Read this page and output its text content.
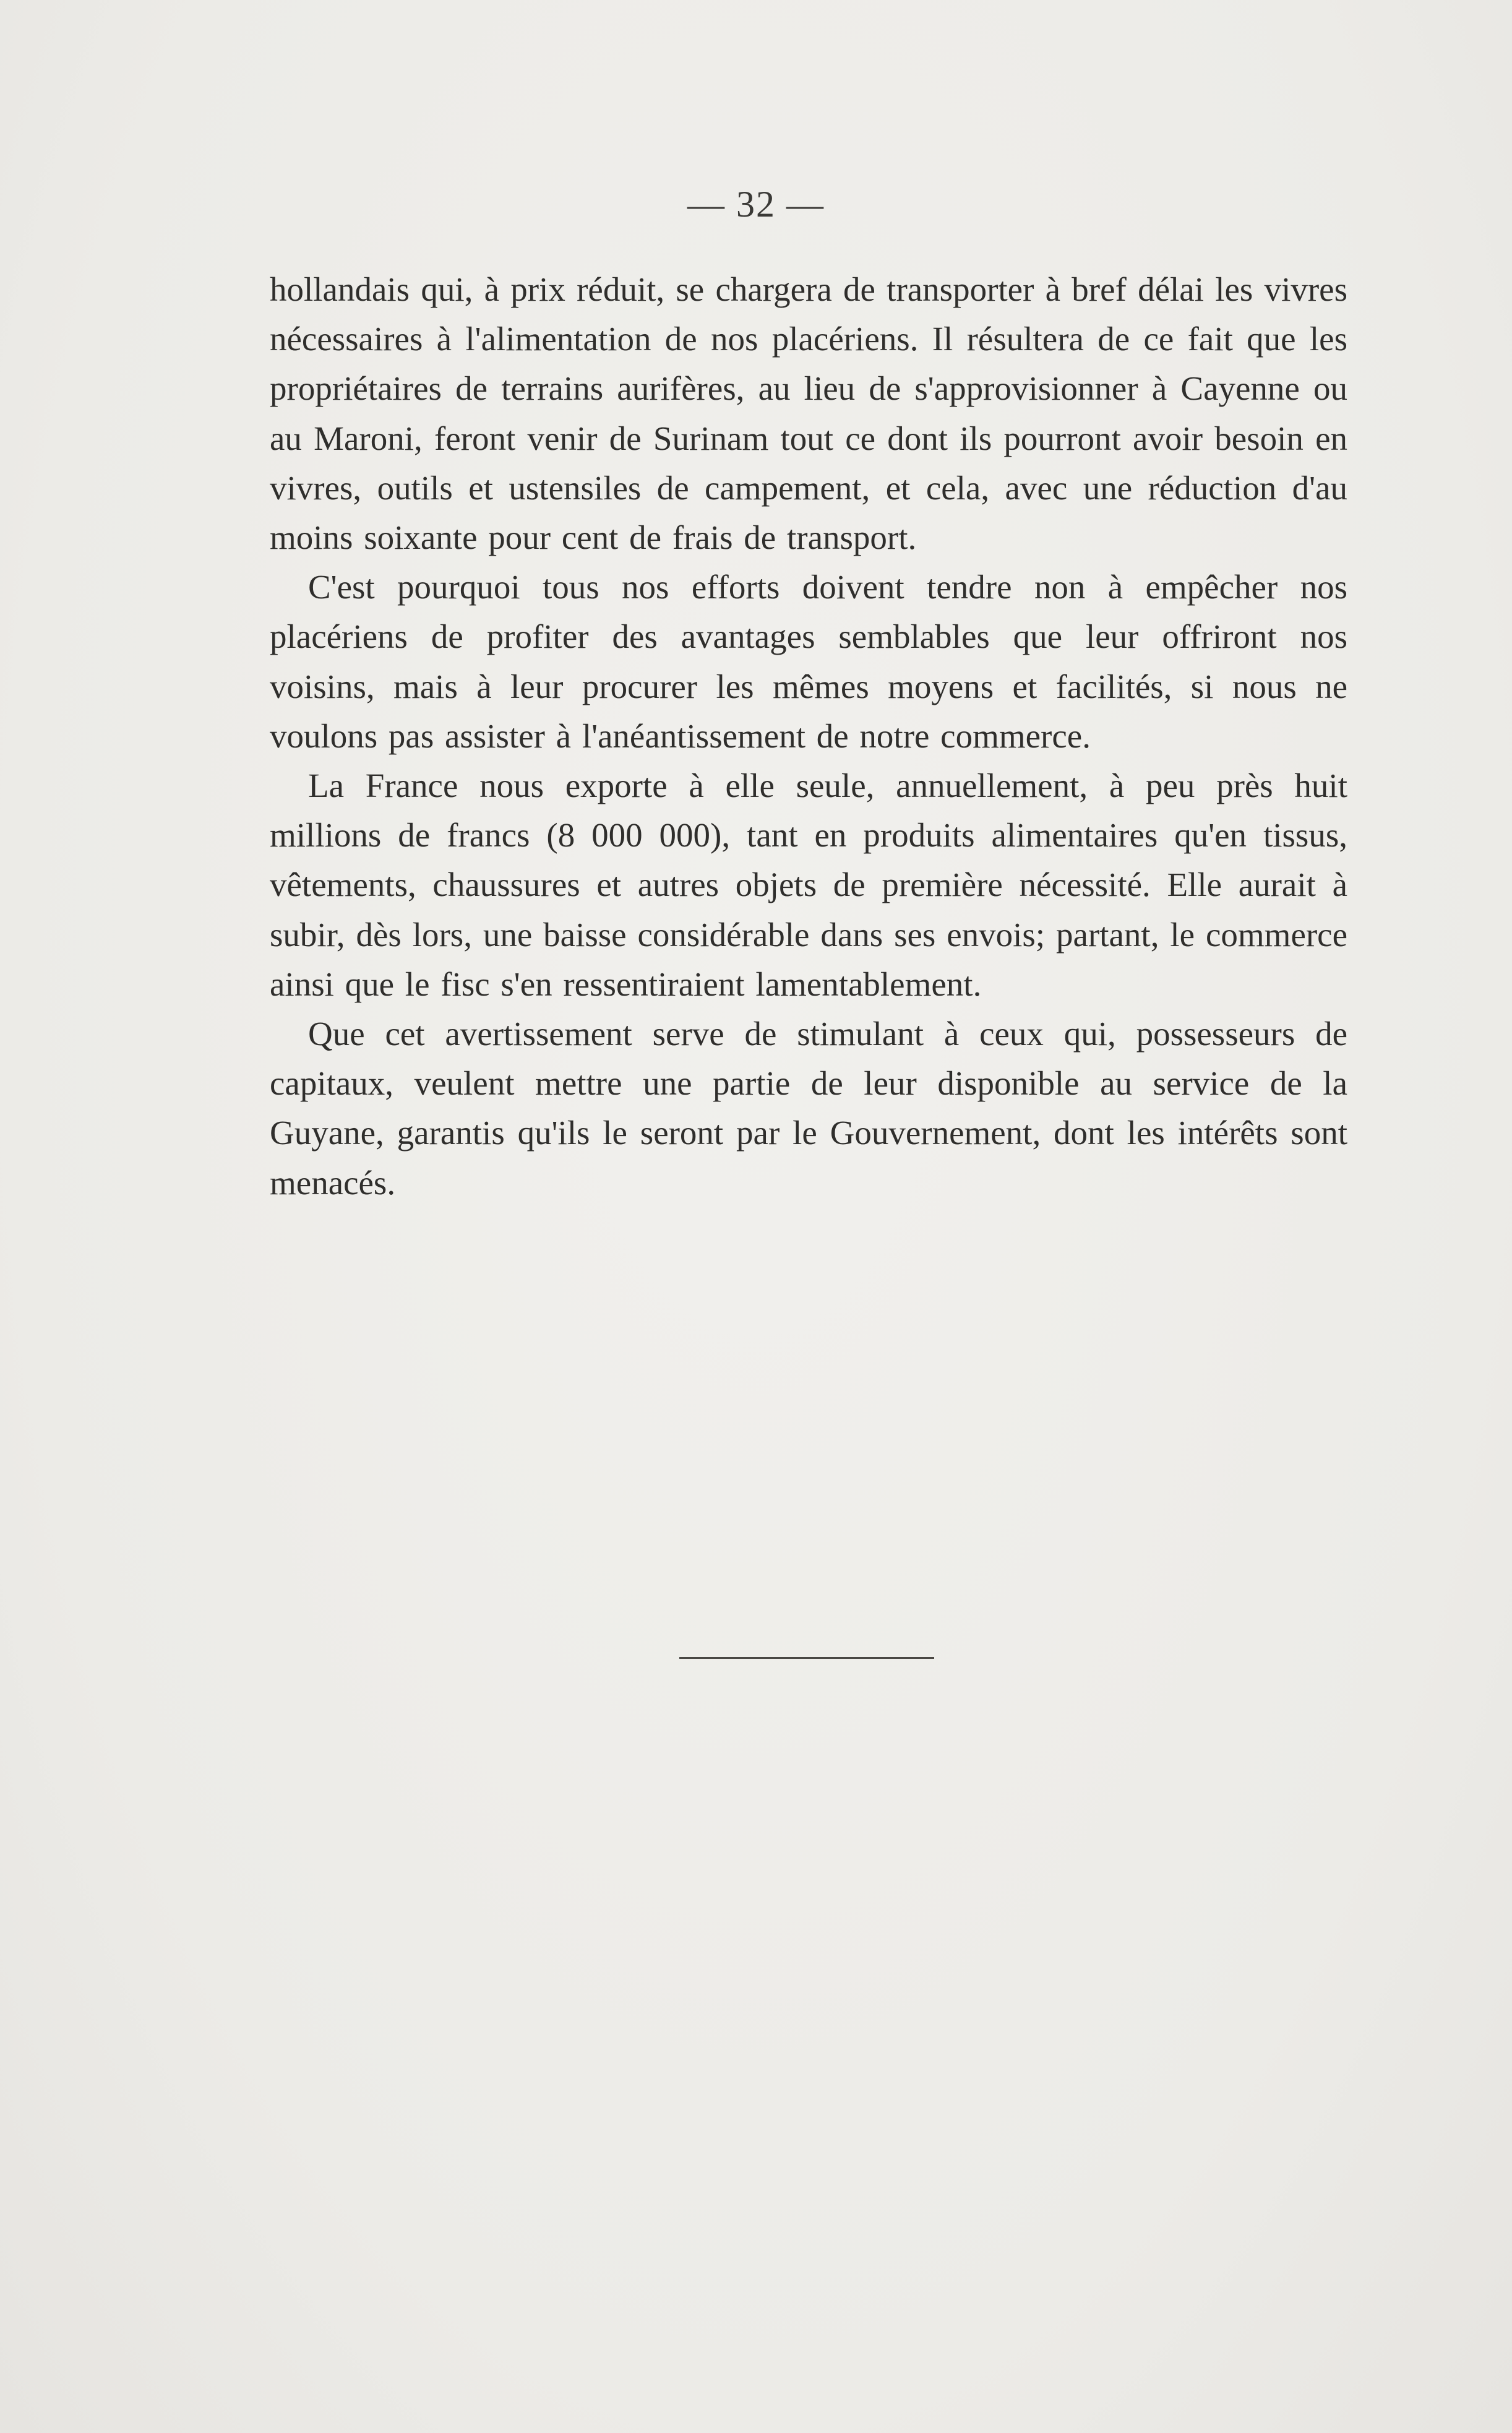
— 32 —

hollandais qui, à prix réduit, se chargera de transporter à bref délai les vivres nécessaires à l'alimentation de nos placériens. Il résultera de ce fait que les propriétaires de terrains aurifères, au lieu de s'approvisionner à Cayenne ou au Maroni, feront venir de Surinam tout ce dont ils pourront avoir besoin en vivres, outils et ustensiles de campement, et cela, avec une réduction d'au moins soixante pour cent de frais de transport.

C'est pourquoi tous nos efforts doivent tendre non à empêcher nos placériens de profiter des avantages semblables que leur offriront nos voisins, mais à leur procurer les mêmes moyens et facilités, si nous ne voulons pas assister à l'anéantissement de notre commerce.

La France nous exporte à elle seule, annuellement, à peu près huit millions de francs (8 000 000), tant en produits alimentaires qu'en tissus, vêtements, chaussures et autres objets de première nécessité. Elle aurait à subir, dès lors, une baisse considérable dans ses envois; partant, le commerce ainsi que le fisc s'en ressentiraient lamentablement.

Que cet avertissement serve de stimulant à ceux qui, possesseurs de capitaux, veulent mettre une partie de leur disponible au service de la Guyane, garantis qu'ils le seront par le Gouvernement, dont les intérêts sont menacés.
